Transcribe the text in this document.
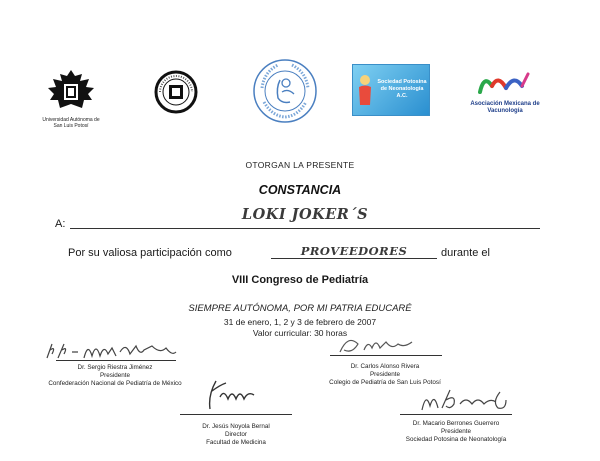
Universidad Autónoma de San Luis Potosí
Sociedad Potosina de Neonatología A.C.
Asociación Mexicana de Vacunología
OTORGAN LA PRESENTE
CONSTANCIA
A:
LOKI JOKER´S
Por su valiosa participación como	PROVEEDORES	durante el
VIII Congreso de Pediatría
SIEMPRE AUTÓNOMA, POR MI PATRIA EDUCARÉ
31 de enero, 1, 2 y 3 de febrero de 2007
Valor curricular: 30 horas
Dr. Sergio Riestra Jiménez
Presidente
Confederación Nacional de Pediatría de México
Dr. Carlos Alonso Rivera
Presidente
Colegio de Pediatría de San Luis Potosí
Dr. Jesús Noyola Bernal
Director
Facultad de Medicina
Dr. Macario Berrones Guerrero
Presidente
Sociedad Potosina de Neonatología
